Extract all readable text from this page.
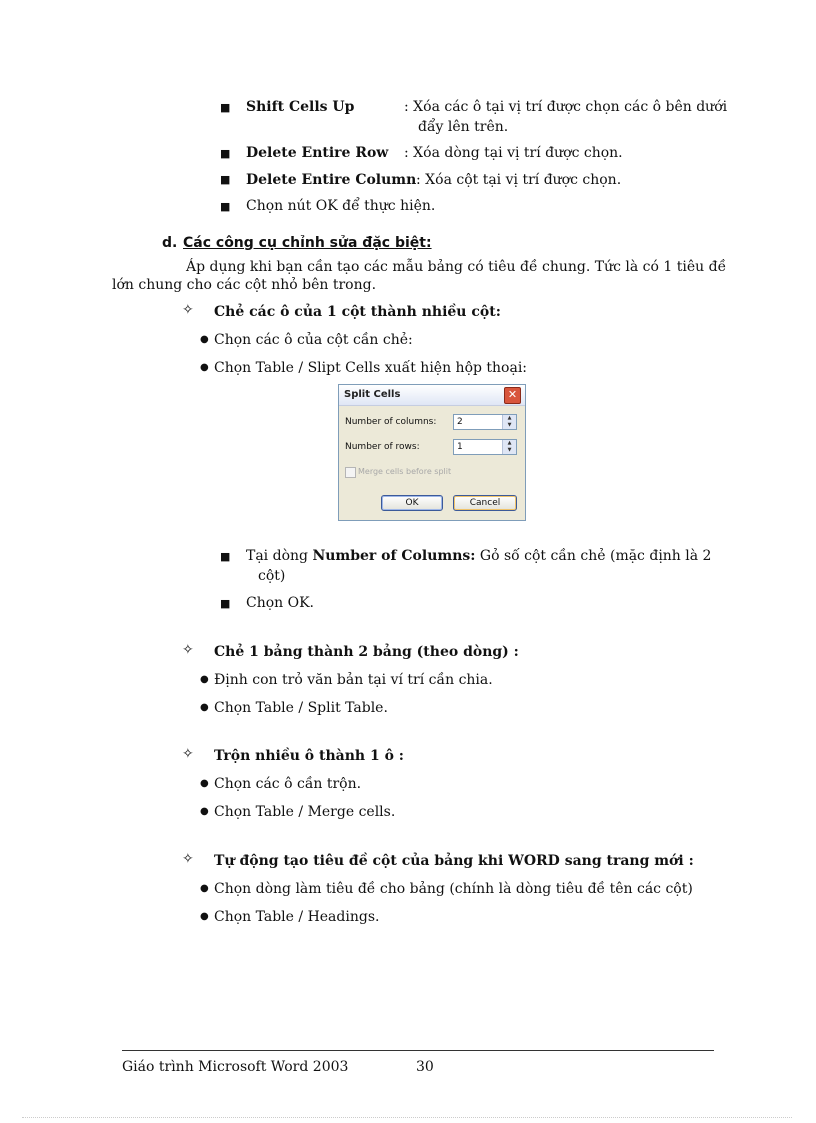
■ Shift Cells Up	: Xóa các ô tại vị trí được chọn các ô bên dưới
đẩy lên trên.
■ Delete Entire Row : Xóa dòng tại vị trí được chọn.
■ Delete Entire Column : Xóa cột tại vị trí được chọn.
■ Chọn nút OK để thực hiện.
d. Các công cụ chỉnh sửa đặc biệt:
Áp dụng khi bạn cần tạo các mẫu bảng có tiêu đề chung. Tức là có 1 tiêu đề
lớn chung cho các cột nhỏ bên trong.
✧ Chẻ các ô của 1 cột thành nhiều cột:
● Chọn các ô của cột cần chẻ:
● Chọn Table / Slipt Cells xuất hiện hộp thoại:
Split Cells	✕
Number of columns: 2	▲
▼
Number of rows:	1	▲
▼
Merge cells before split
OK	Cancel
■ Tại dòng Number of Columns: Gỏ số cột cần chẻ (mặc định là 2
cột)
■ Chọn OK.
✧ Chẻ 1 bảng thành 2 bảng (theo dòng) :
● Định con trỏ văn bản tại ví trí cần chia.
● Chọn Table / Split Table.
✧ Trộn nhiều ô thành 1 ô :
● Chọn các ô cần trộn.
● Chọn Table / Merge cells.
✧ Tự động tạo tiêu đề cột của bảng khi WORD sang trang mới :
● Chọn dòng làm tiêu đề cho bảng (chính là dòng tiêu đề tên các cột)
● Chọn Table / Headings.
Giáo trình Microsoft Word 2003	30
